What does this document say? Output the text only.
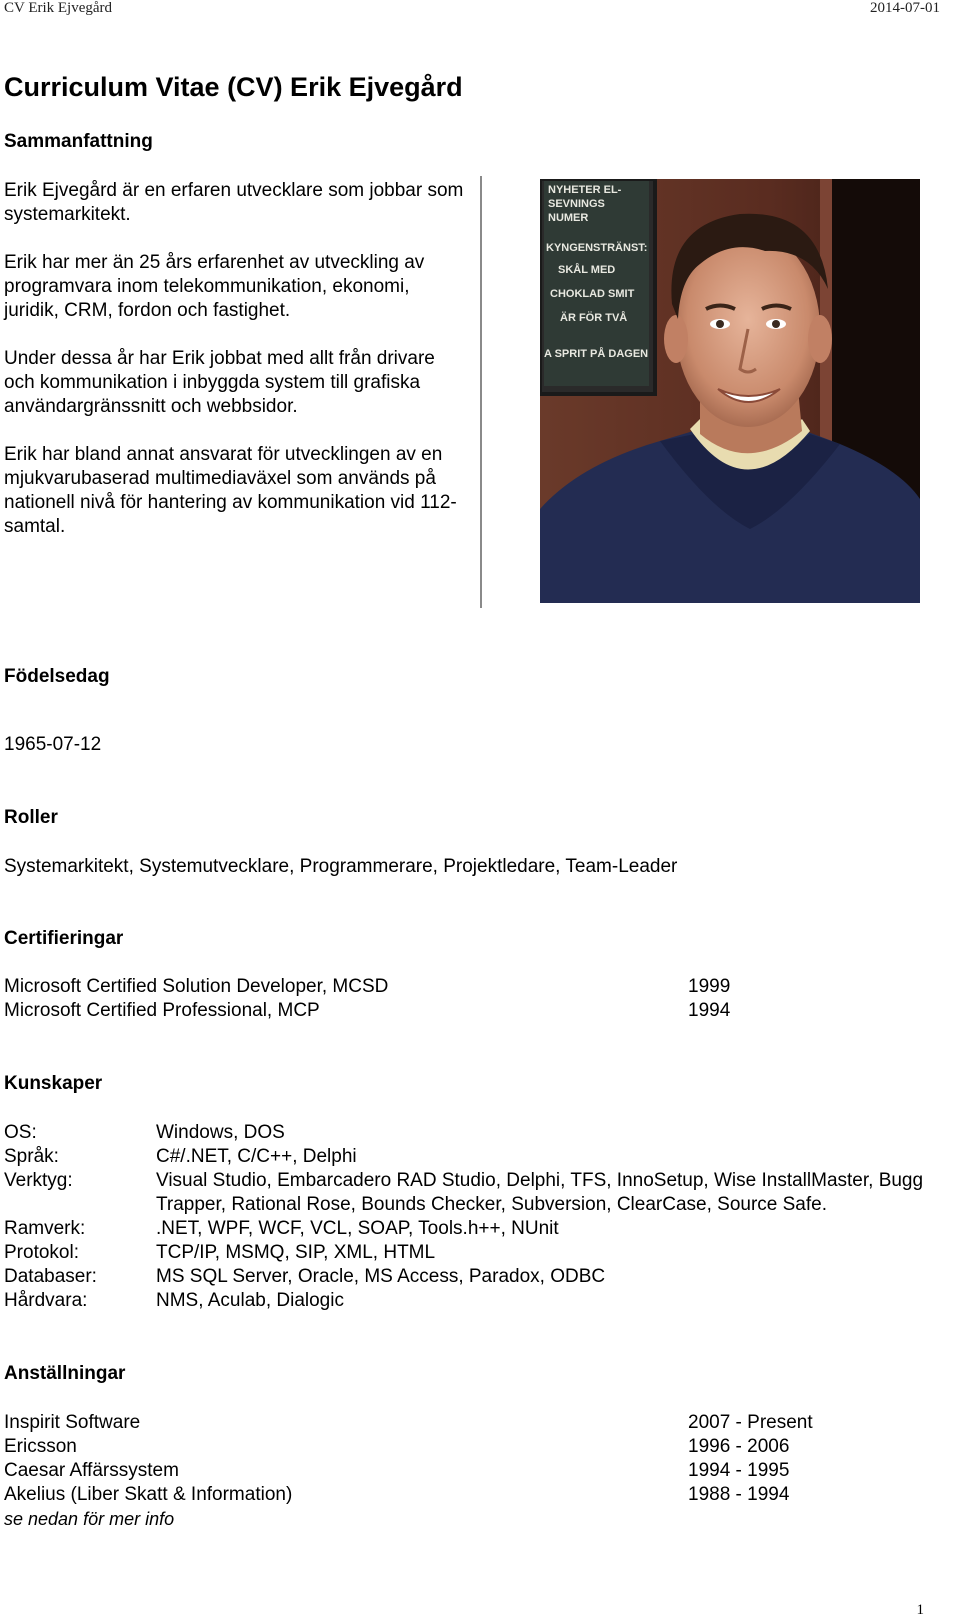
CV Erik Ejvegård	2014-07-01
Curriculum Vitae (CV) Erik Ejvegård
Sammanfattning

Erik Ejvegård är en erfaren utvecklare som jobbar som systemarkitekt.

Erik har mer än 25 års erfarenhet av utveckling av programvara inom telekommunikation, ekonomi, juridik, CRM, fordon och fastighet.

Under dessa år har Erik jobbat med allt från drivare och kommunikation i inbyggda system till grafiska användargränssnitt och webbsidor.

Erik har bland annat ansvarat för utvecklingen av en mjukvarubaserad multimediaväxel som används på nationell nivå för hantering av kommunikation vid 112-samtal.

NYHETER EL-
SEVNINGS
NUMER
KYNGENSTRÄNST:
SKÅL MED
CHOKLAD SMIT
ÄR FÖR TVÅ
A SPRIT PÅ DAGEN
Födelsedag
1965-07-12
Roller
Systemarkitekt, Systemutvecklare, Programmerare, Projektledare, Team-Leader
Certifieringar
Microsoft Certified Solution Developer, MCSD	1999
Microsoft Certified Professional, MCP	1994
Kunskaper
OS:	Windows, DOS
Språk:	C#/.NET, C/C++, Delphi
Verktyg:	Visual Studio, Embarcadero RAD Studio, Delphi, TFS, InnoSetup, Wise InstallMaster, Bugg Trapper, Rational Rose, Bounds Checker, Subversion, ClearCase, Source Safe.
Ramverk:	.NET, WPF, WCF, VCL, SOAP, Tools.h++, NUnit
Protokol:	TCP/IP, MSMQ, SIP, XML, HTML
Databaser:	MS SQL Server, Oracle, MS Access, Paradox, ODBC
Hårdvara:	NMS, Aculab, Dialogic
Anställningar
Inspirit Software	2007 - Present
Ericsson	1996 - 2006
Caesar Affärssystem	1994 - 1995
Akelius (Liber Skatt & Information)	1988 - 1994
se nedan för mer info
1
